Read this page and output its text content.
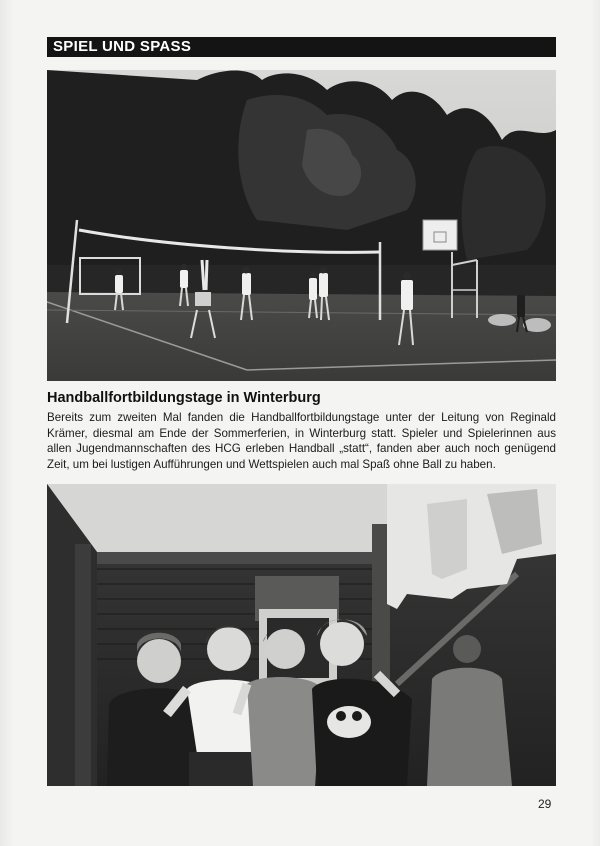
SPIEL UND SPASS
Handballfortbildungstage in Winterburg
Bereits zum zweiten Mal fanden die Handballfortbildungstage unter der Leitung von Reginald Krämer, diesmal am Ende der Sommerferien, in Winterburg statt. Spieler und Spielerinnen aus allen Jugendmannschaften des HCG erleben Handball „statt“, fanden aber auch noch genügend Zeit, um bei lustigen Aufführungen und Wettspielen auch mal Spaß ohne Ball zu haben.
29
